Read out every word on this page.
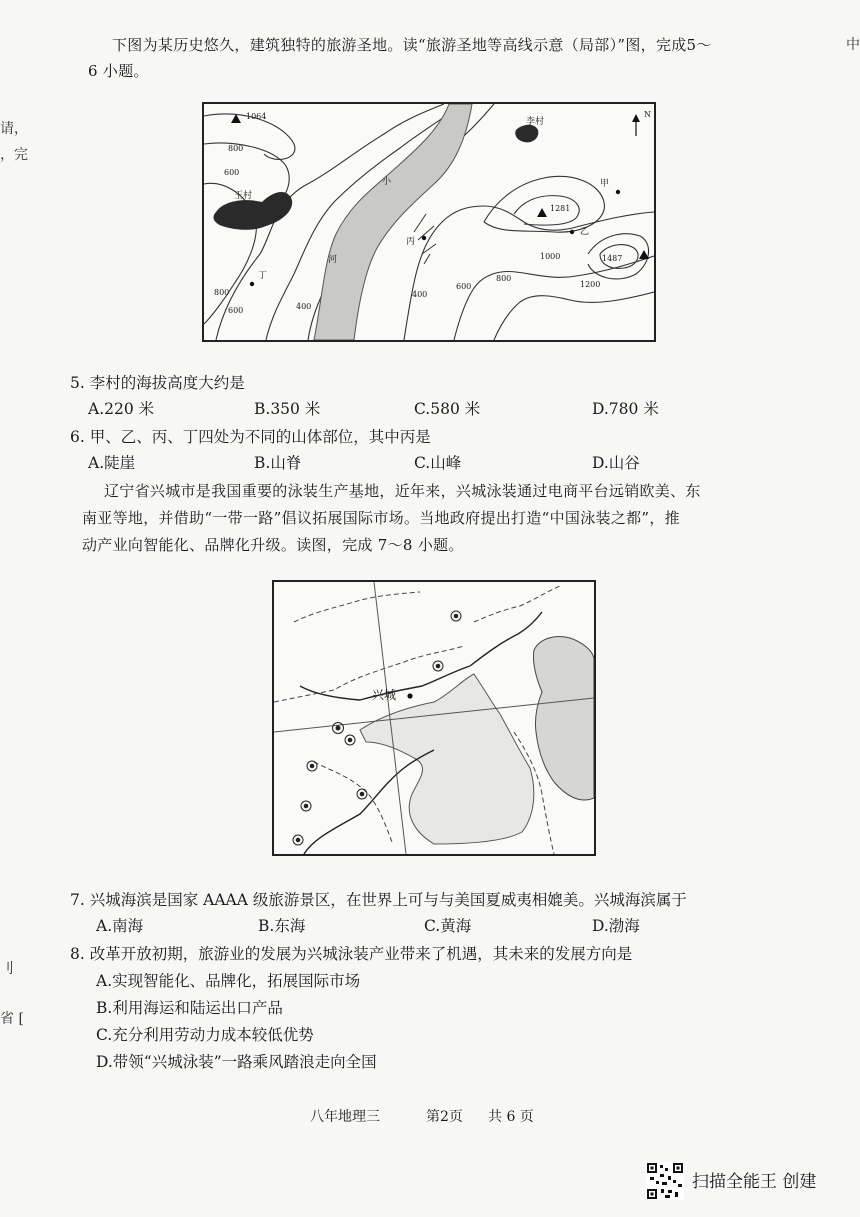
请，
，完
刂
省 [
中
下图为某历史悠久，建筑独特的旅游圣地。读“旅游圣地等高线示意（局部）”图，完成5～
6 小题。
1064
1281
1487
800
600
800
600	400
400
600
800
1000
1200
王村
李村
甲
乙
丙
丁
河
小
N
5. 李村的海拔高度大约是
A.220 米	B.350 米	C.580 米	D.780 米
6. 甲、乙、丙、丁四处为不同的山体部位，其中丙是
A.陡崖	B.山脊	C.山峰	D.山谷
辽宁省兴城市是我国重要的泳装生产基地，近年来，兴城泳装通过电商平台远销欧美、东
南亚等地，并借助“一带一路”倡议拓展国际市场。当地政府提出打造“中国泳装之都”，推
动产业向智能化、品牌化升级。读图，完成 7～8 小题。
兴城
7. 兴城海滨是国家 AAAA 级旅游景区，在世界上可与与美国夏威夷相媲美。兴城海滨属于
A.南海	B.东海	C.黄海	D.渤海
8. 改革开放初期，旅游业的发展为兴城泳装产业带来了机遇，其未来的发展方向是
A.实现智能化、品牌化，拓展国际市场
B.利用海运和陆运出口产品
C.充分利用劳动力成本较低优势
D.带领“兴城泳装”一路乘风踏浪走向全国
八年地理三	第2页 共 6 页
扫描全能王 创建
